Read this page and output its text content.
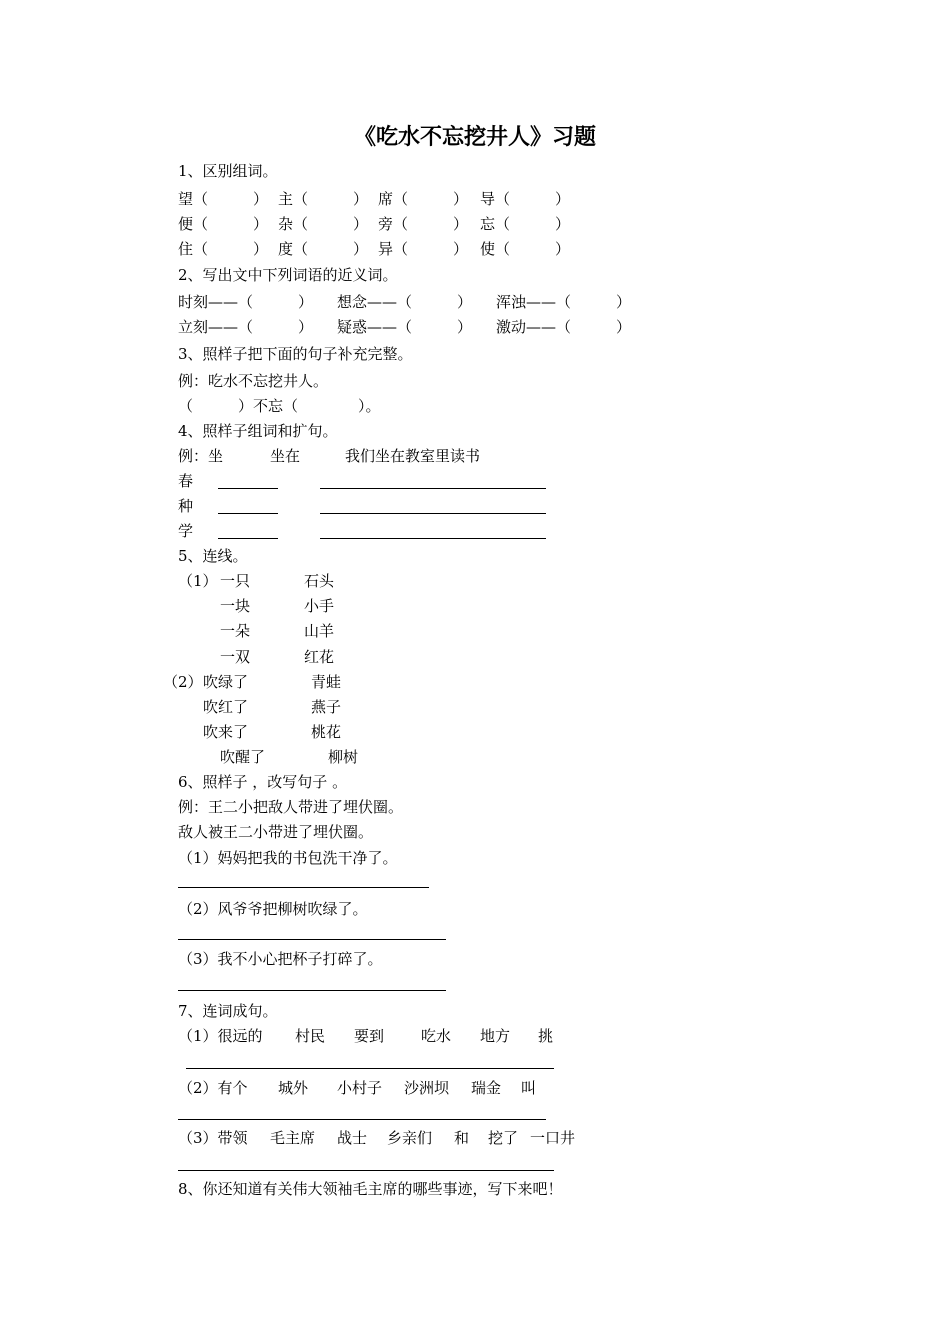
《吃水不忘挖井人》习题
1、区别组词。
望（　　　） 主（　　　） 席（　　　） 导（　　　）
便（　　　） 杂（　　　） 旁（　　　） 忘（　　　）
住（　　　） 度（　　　） 异（　　　） 使（　　　）
2、写出文中下列词语的近义词。
时刻——（　　　） 想念——（　　　） 浑浊——（　　　）
立刻——（　　　） 疑惑——（　　　） 激动——（　　　）
3、照样子把下面的句子补充完整。
例：吃水不忘挖井人。
（　　　）不忘（　　　　）。
4、照样子组词和扩句。
例：坐	坐在	我们坐在教室里读书
春
种
学
5、连线。
（1） 一只	石头
一块	小手
一朵	山羊
一双	红花
（2） 吹绿了	青蛙
吹红了	燕子
吹来了	桃花
吹醒了	柳树
6、照样子 ，改写句子 。
例：王二小把敌人带进了埋伏圈。
敌人被王二小带进了埋伏圈。
（1）妈妈把我的书包洗干净了。
（2）风爷爷把柳树吹绿了。
（3）我不小心把杯子打碎了。
7、连词成句。
（1）很远的 村民 要到 吃水 地方 挑
（2）有个 城外 小村子 沙洲坝 瑞金 叫
（3）带领 毛主席 战士 乡亲们 和 挖了 一口井
8、你还知道有关伟大领袖毛主席的哪些事迹，写下来吧！
